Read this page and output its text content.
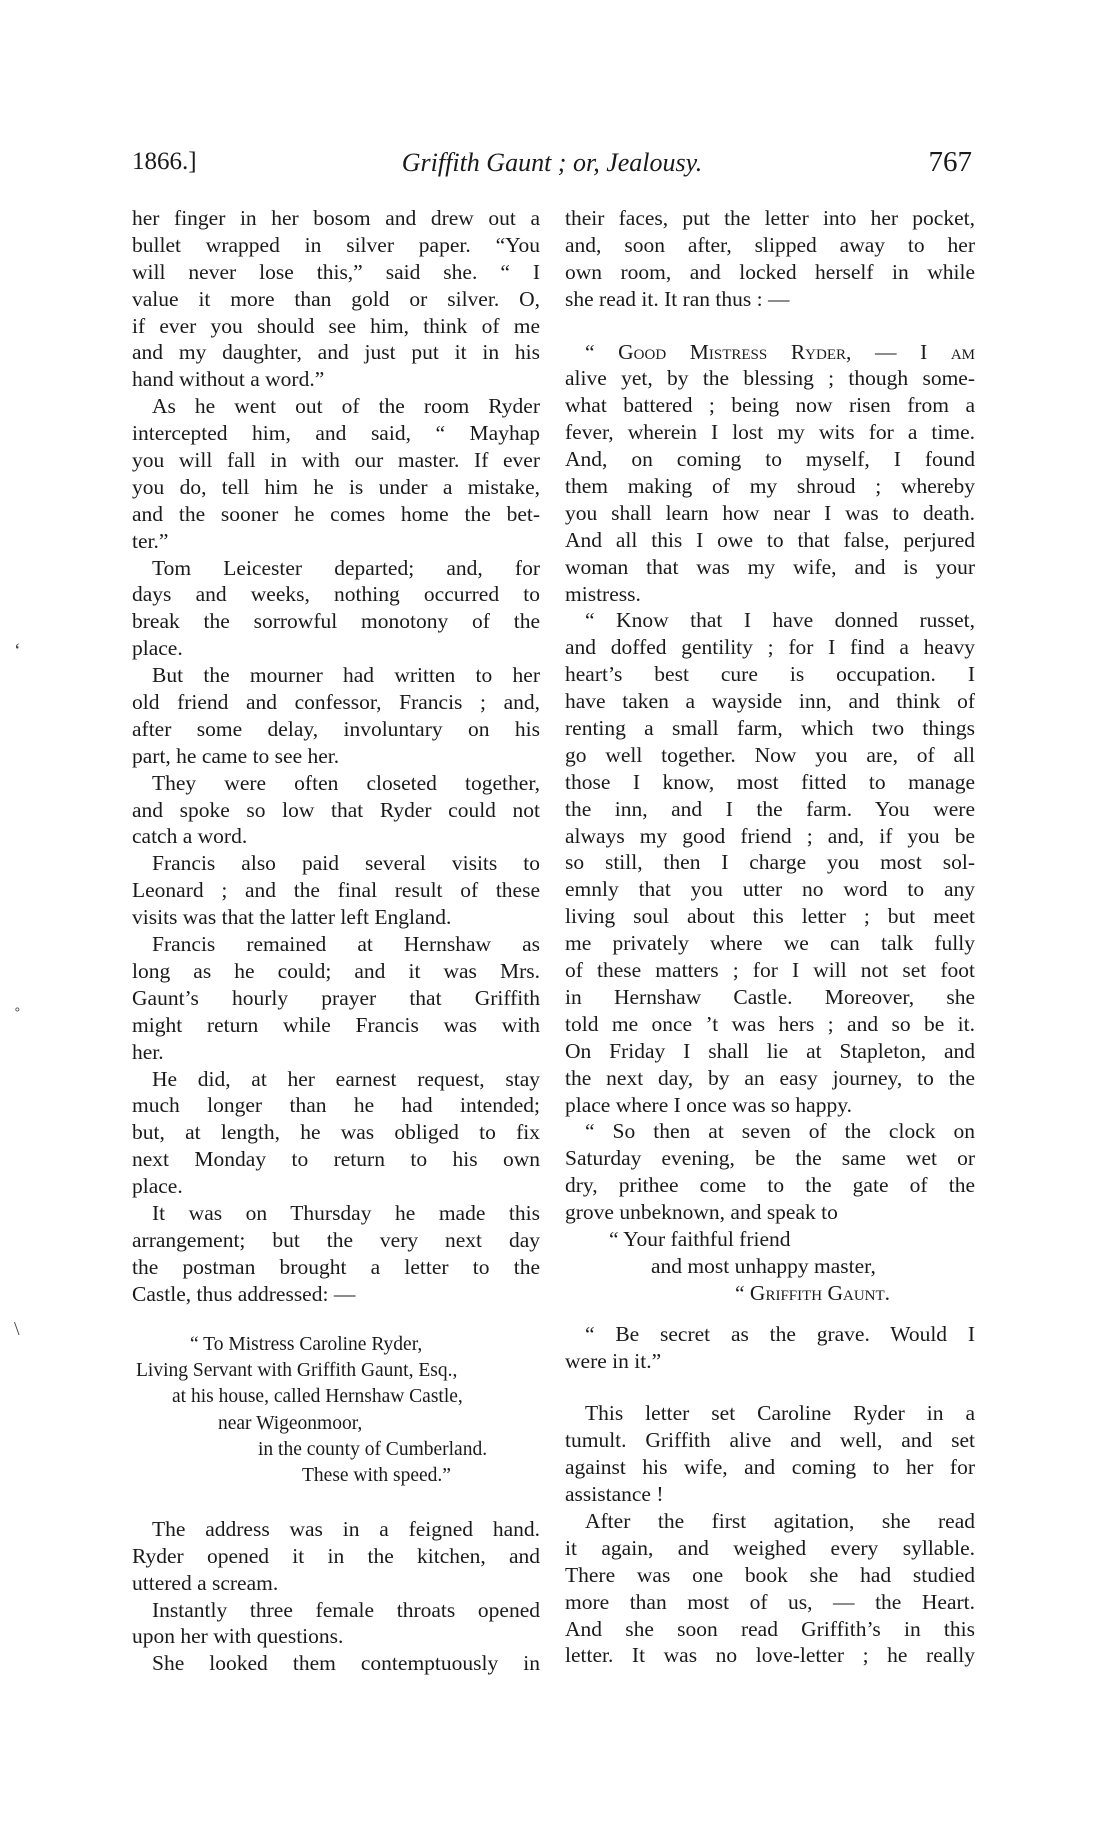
1866.]	Griffith Gaunt ; or, Jealousy.	767
her finger in her bosom and drew out a
bullet wrapped in silver paper. “You
will never lose this,” said she. “ I
value it more than gold or silver. O,
if ever you should see him, think of me
and my daughter, and just put it in his
hand without a word.”
As he went out of the room Ryder
intercepted him, and said, “ Mayhap
you will fall in with our master. If ever
you do, tell him he is under a mistake,
and the sooner he comes home the bet-
ter.”
Tom Leicester departed; and, for
days and weeks, nothing occurred to
break the sorrowful monotony of the
place.
But the mourner had written to her
old friend and confessor, Francis ; and,
after some delay, involuntary on his
part, he came to see her.
They were often closeted together,
and spoke so low that Ryder could not
catch a word.
Francis also paid several visits to
Leonard ; and the final result of these
visits was that the latter left England.
Francis remained at Hernshaw as
long as he could; and it was Mrs.
Gaunt’s hourly prayer that Griffith
might return while Francis was with
her.
He did, at her earnest request, stay
much longer than he had intended;
but, at length, he was obliged to fix
next Monday to return to his own
place.
It was on Thursday he made this
arrangement; but the very next day
the postman brought a letter to the
Castle, thus addressed: —
“ To Mistress Caroline Ryder,
Living Servant with Griffith Gaunt, Esq.,
at his house, called Hernshaw Castle,
near Wigeonmoor,
in the county of Cumberland.
These with speed.”
The address was in a feigned hand.
Ryder opened it in the kitchen, and
uttered a scream.
Instantly three female throats opened
upon her with questions.
She looked them contemptuously in
their faces, put the letter into her pocket,
and, soon after, slipped away to her
own room, and locked herself in while
she read it. It ran thus : —
“ Good Mistress Ryder, — I am
alive yet, by the blessing ; though some-
what battered ; being now risen from a
fever, wherein I lost my wits for a time.
And, on coming to myself, I found
them making of my shroud ; whereby
you shall learn how near I was to death.
And all this I owe to that false, perjured
woman that was my wife, and is your
mistress.
“ Know that I have donned russet,
and doffed gentility ; for I find a heavy
heart’s best cure is occupation. I
have taken a wayside inn, and think of
renting a small farm, which two things
go well together. Now you are, of all
those I know, most fitted to manage
the inn, and I the farm. You were
always my good friend ; and, if you be
so still, then I charge you most sol-
emnly that you utter no word to any
living soul about this letter ; but meet
me privately where we can talk fully
of these matters ; for I will not set foot
in Hernshaw Castle. Moreover, she
told me once ’t was hers ; and so be it.
On Friday I shall lie at Stapleton, and
the next day, by an easy journey, to the
place where I once was so happy.
“ So then at seven of the clock on
Saturday evening, be the same wet or
dry, prithee come to the gate of the
grove unbeknown, and speak to
“ Your faithful friend
and most unhappy master,
“ Griffith Gaunt.
“ Be secret as the grave. Would I
were in it.”
This letter set Caroline Ryder in a
tumult. Griffith alive and well, and set
against his wife, and coming to her for
assistance !
After the first agitation, she read
it again, and weighed every syllable.
There was one book she had studied
more than most of us, — the Heart.
And she soon read Griffith’s in this
letter. It was no love-letter ; he really
‘
˳
\
